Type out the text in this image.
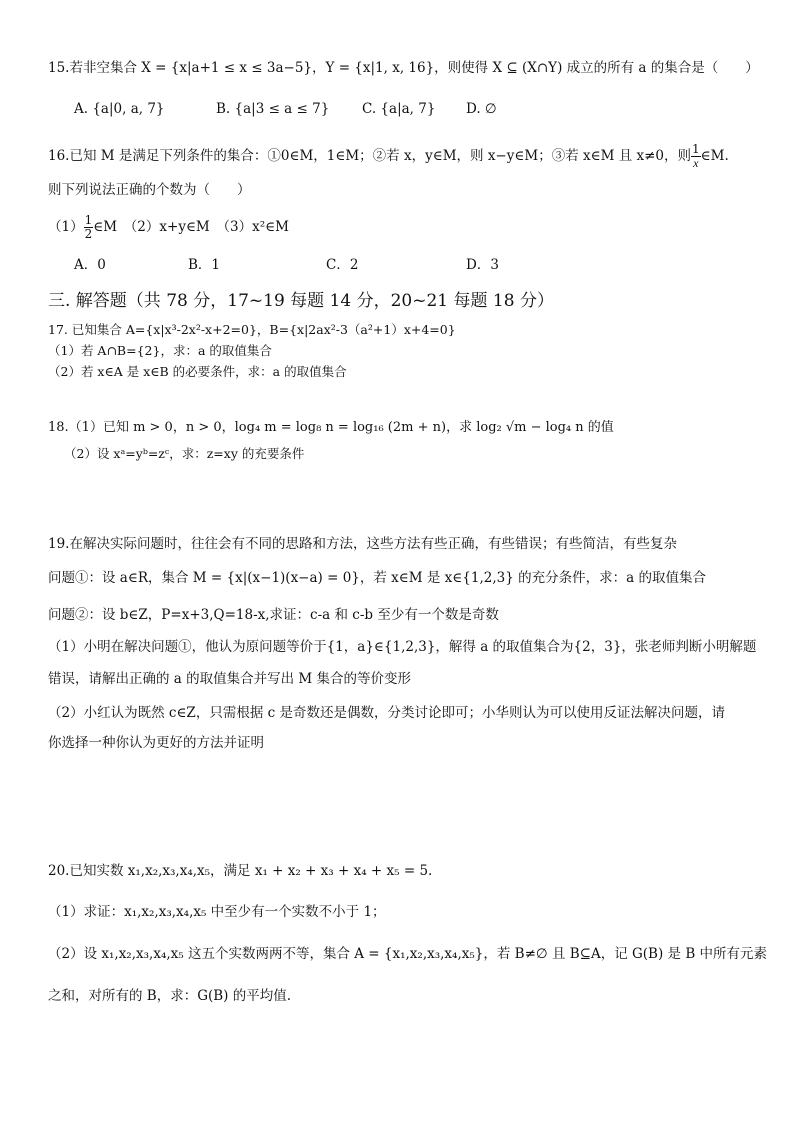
15.若非空集合 X = {x|a+1 ≤ x ≤ 3a−5}，Y = {x|1, x, 16}，则使得 X ⊆ (X∩Y) 成立的所有 a 的集合是（　　）
A. {a|0, a, 7}	B. {a|3 ≤ a ≤ 7} C. {a|a, 7} D. ∅
16.已知 M 是满足下列条件的集合：①0∈M，1∈M；②若 x，y∈M，则 x−y∈M；③若 x∈M 且 x≠0，则 $\frac{1}{x}$ ∈M.
则下列说法正确的个数为（　　）
$(1) \frac{1}{2}$ ∈M　（2）x+y∈M　（3）x²∈M
A．0	B．1	C．2	D．3
三. 解答题（共 78 分，17~19 每题 14 分，20~21 每题 18 分）
17. 已知集合 A={x|x³-2x²-x+2=0}，B={x|2ax²-3（a²+1）x+4=0}
（1）若 A∩B={2}，求：a 的取值集合
（2）若 x∈A 是 x∈B 的必要条件，求：a 的取值集合
18.（1）已知 m > 0，n > 0，log₄ m = log₈ n = log₁₆ (2m + n)，求 log₂ √m − log₄ n 的值
（2）设 xᵃ=yᵇ=zᶜ，求：z=xy 的充要条件
19.在解决实际问题时，往往会有不同的思路和方法，这些方法有些正确，有些错误；有些简洁，有些复杂
问题①：设 a∈R，集合 M = {x|(x−1)(x−a) = 0}，若 x∈M 是 x∈{1,2,3} 的充分条件，求：a 的取值集合
问题②：设 b∈Z，P=x+3,Q=18-x,求证：c-a 和 c-b 至少有一个数是奇数
（1）小明在解决问题①，他认为原问题等价于{1，a}∈{1,2,3}，解得 a 的取值集合为{2，3}，张老师判断小明解题
错误，请解出正确的 a 的取值集合并写出 M 集合的等价变形
（2）小红认为既然 c∈Z，只需根据 c 是奇数还是偶数，分类讨论即可；小华则认为可以使用反证法解决问题，请
你选择一种你认为更好的方法并证明
20.已知实数 x₁,x₂,x₃,x₄,x₅，满足 x₁ + x₂ + x₃ + x₄ + x₅ = 5.
（1）求证：x₁,x₂,x₃,x₄,x₅ 中至少有一个实数不小于 1；
（2）设 x₁,x₂,x₃,x₄,x₅ 这五个实数两两不等，集合 A = {x₁,x₂,x₃,x₄,x₅}，若 B≠∅ 且 B⊆A，记 G(B) 是 B 中所有元素
之和，对所有的 B，求：G(B) 的平均值.
